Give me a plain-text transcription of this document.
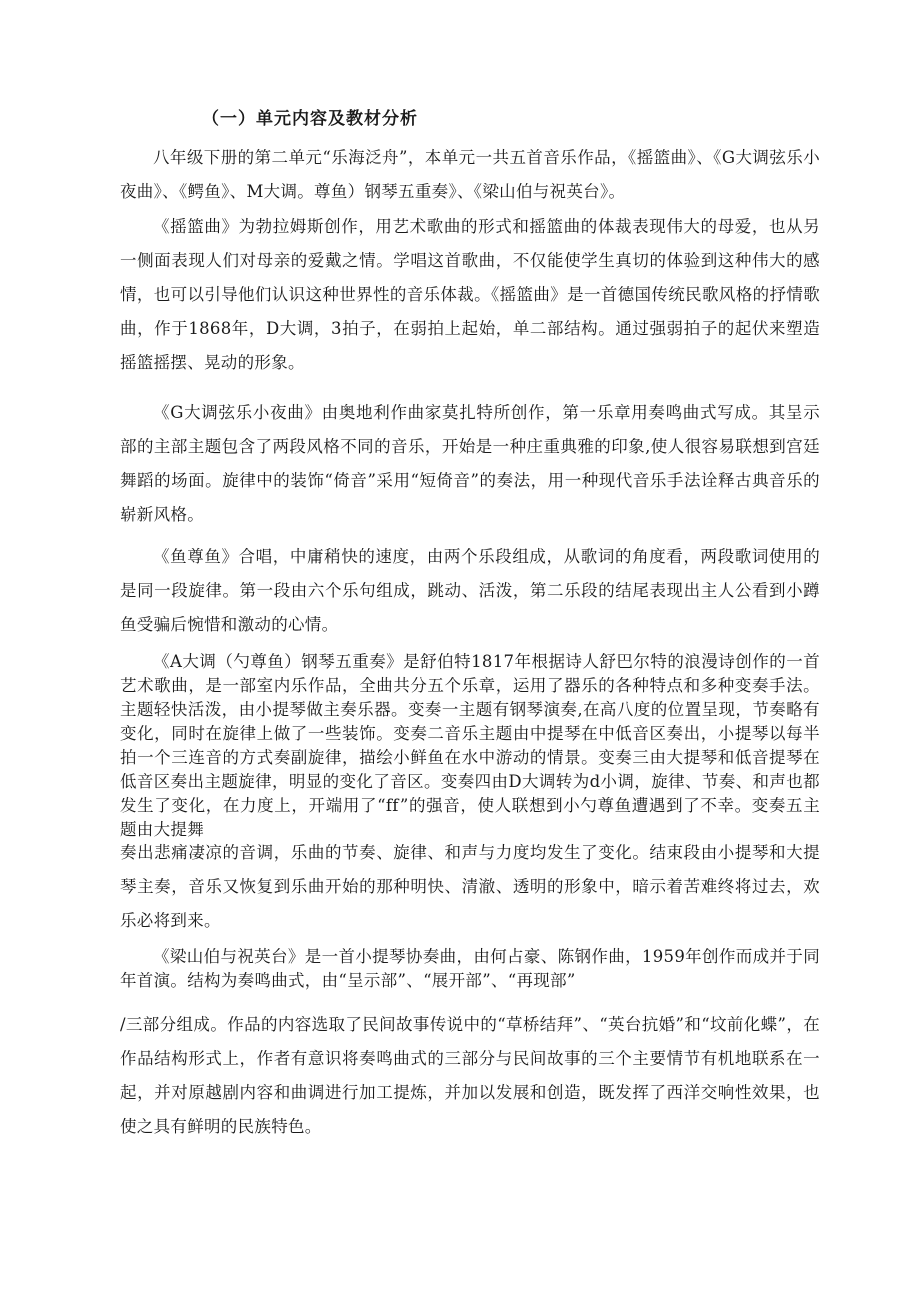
（一）单元内容及教材分析

八年级下册的第二单元“乐海泛舟”，本单元一共五首音乐作品，《摇篮曲》、《G大调弦乐小夜曲》、《鳄鱼》、M大调。尊鱼）钢琴五重奏》、《梁山伯与祝英台》。

《摇篮曲》为勃拉姆斯创作，用艺术歌曲的形式和摇篮曲的体裁表现伟大的母爱，也从另一侧面表现人们对母亲的爱戴之情。学唱这首歌曲，不仅能使学生真切的体验到这种伟大的感情，也可以引导他们认识这种世界性的音乐体裁。《摇篮曲》是一首德国传统民歌风格的抒情歌曲，作于1868年，D大调，3拍子，在弱拍上起始，单二部结构。通过强弱拍子的起伏来塑造摇篮摇摆、晃动的形象。

《G大调弦乐小夜曲》由奥地利作曲家莫扎特所创作，第一乐章用奏鸣曲式写成。其呈示部的主部主题包含了两段风格不同的音乐，开始是一种庄重典雅的印象,使人很容易联想到宫廷舞蹈的场面。旋律中的装饰“倚音”采用“短倚音”的奏法，用一种现代音乐手法诠释古典音乐的崭新风格。

《鱼尊鱼》合唱，中庸稍快的速度，由两个乐段组成，从歌词的角度看，两段歌词使用的是同一段旋律。第一段由六个乐句组成，跳动、活泼，第二乐段的结尾表现出主人公看到小蹲鱼受骗后惋惜和激动的心情。

《A大调（勺尊鱼）钢琴五重奏》是舒伯特1817年根据诗人舒巴尔特的浪漫诗创作的一首艺术歌曲，是一部室内乐作品，全曲共分五个乐章，运用了器乐的各种特点和多种变奏手法。主题轻快活泼，由小提琴做主奏乐器。变奏一主题有钢琴演奏,在高八度的位置呈现，节奏略有变化，同时在旋律上做了一些装饰。变奏二音乐主题由中提琴在中低音区奏出，小提琴以每半拍一个三连音的方式奏副旋律，描绘小鲜鱼在水中游动的情景。变奏三由大提琴和低音提琴在低音区奏出主题旋律，明显的变化了音区。变奏四由D大调转为d小调，旋律、节奏、和声也都发生了变化，在力度上，开端用了“ff”的强音，使人联想到小勺尊鱼遭遇到了不幸。变奏五主题由大提舞

奏出悲痛凄凉的音调，乐曲的节奏、旋律、和声与力度均发生了变化。结束段由小提琴和大提琴主奏，音乐又恢复到乐曲开始的那种明快、清澈、透明的形象中，暗示着苦难终将过去，欢乐必将到来。

《梁山伯与祝英台》是一首小提琴协奏曲，由何占豪、陈钢作曲，1959年创作而成并于同年首演。结构为奏鸣曲式，由“呈示部”、“展开部”、“再现部”

/三部分组成。作品的内容选取了民间故事传说中的“草桥结拜”、“英台抗婚”和“坟前化蝶”，在作品结构形式上，作者有意识将奏鸣曲式的三部分与民间故事的三个主要情节有机地联系在一起，并对原越剧内容和曲调进行加工提炼，并加以发展和创造，既发挥了西洋交响性效果，也使之具有鲜明的民族特色。
